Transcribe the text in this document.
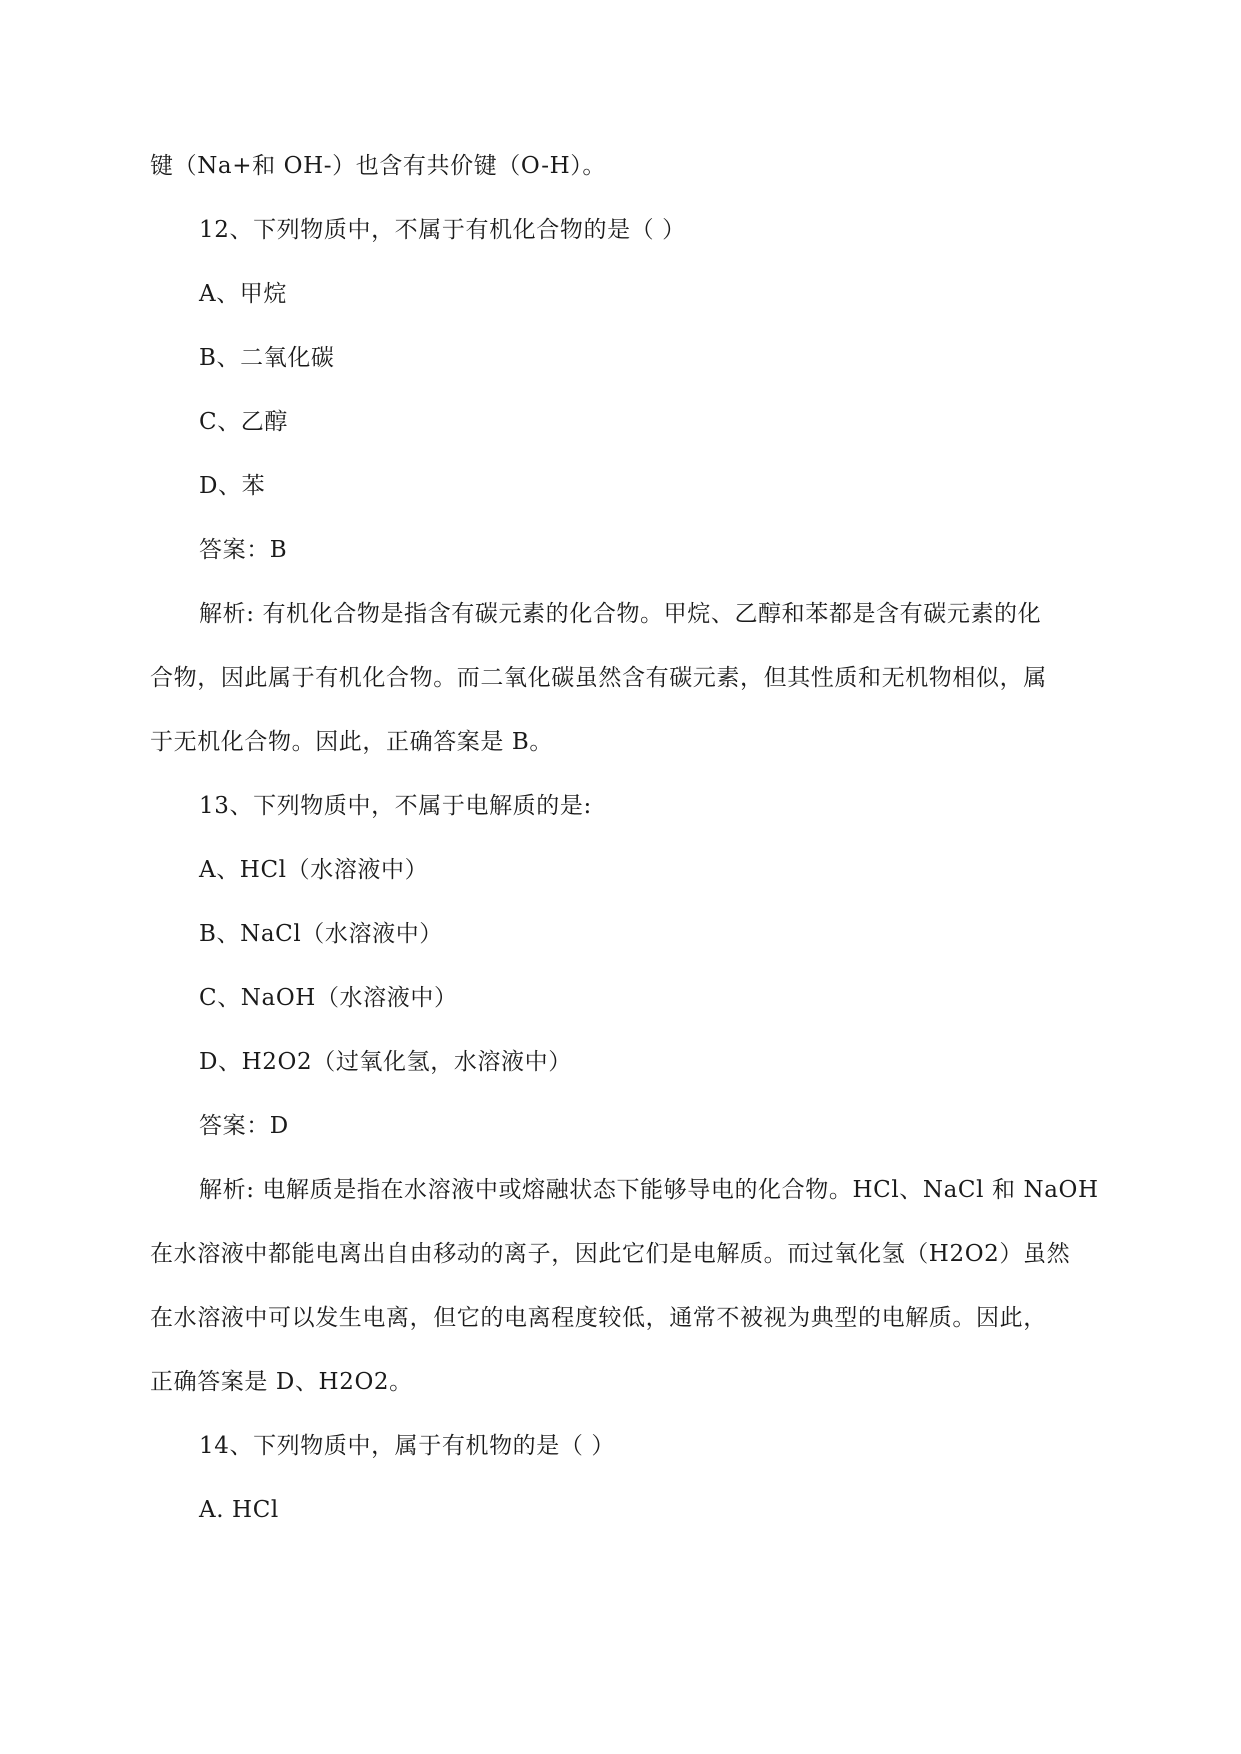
键（Na+和 OH-）也含有共价键（O-H）。
12、下列物质中，不属于有机化合物的是（ ）
A、甲烷
B、二氧化碳
C、乙醇
D、苯
答案：B
解析: 有机化合物是指含有碳元素的化合物。甲烷、乙醇和苯都是含有碳元素的化
合物，因此属于有机化合物。而二氧化碳虽然含有碳元素，但其性质和无机物相似，属
于无机化合物。因此，正确答案是 B。
13、下列物质中，不属于电解质的是:
A、HCl（水溶液中）
B、NaCl（水溶液中）
C、NaOH（水溶液中）
D、H2O2（过氧化氢，水溶液中）
答案：D
解析: 电解质是指在水溶液中或熔融状态下能够导电的化合物。HCl、NaCl 和 NaOH
在水溶液中都能电离出自由移动的离子，因此它们是电解质。而过氧化氢（H2O2）虽然
在水溶液中可以发生电离，但它的电离程度较低，通常不被视为典型的电解质。因此，
正确答案是 D、H2O2。
14、下列物质中，属于有机物的是（ ）
A. HCl
